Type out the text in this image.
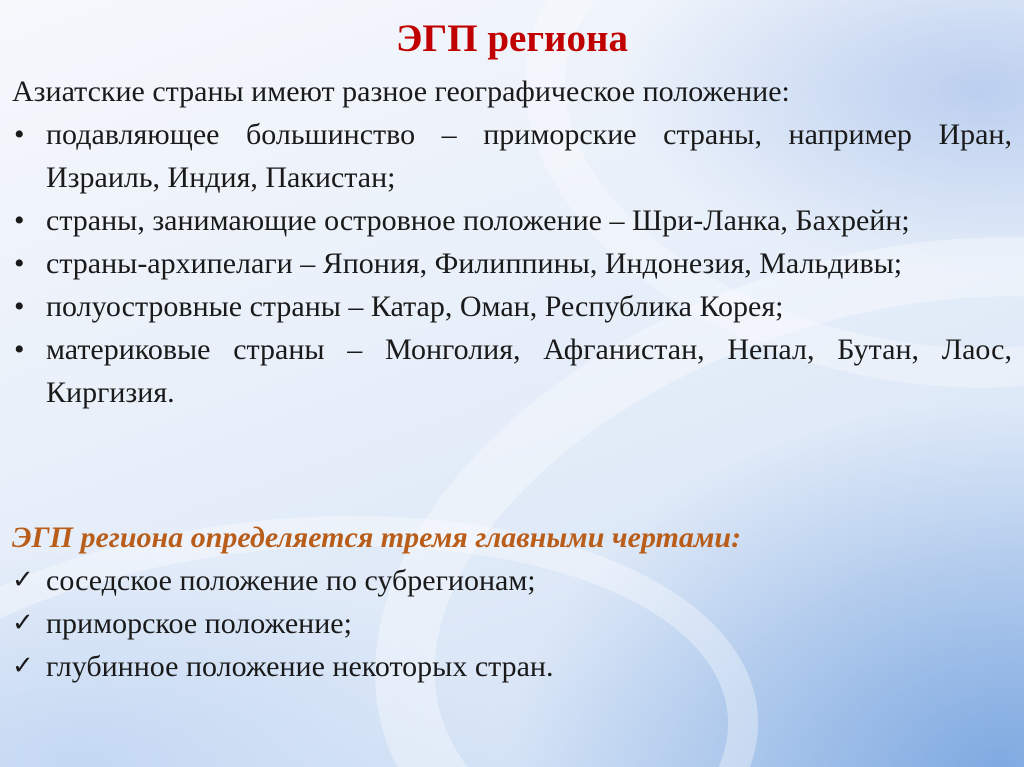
ЭГП региона
Азиатские страны имеют разное географическое положение:
• подавляющее большинство – приморские страны, например Иран, Израиль, Индия, Пакистан;
• страны, занимающие островное положение – Шри-Ланка, Бахрейн;
• страны-архипелаги – Япония, Филиппины, Индонезия, Мальдивы;
• полуостровные страны – Катар, Оман, Республика Корея;
• материковые страны – Монголия, Афганистан, Непал, Бутан, Лаос, Киргизия.
ЭГП региона определяется тремя главными чертами:
✓ соседское положение по субрегионам;
✓ приморское положение;
✓ глубинное положение некоторых стран.
